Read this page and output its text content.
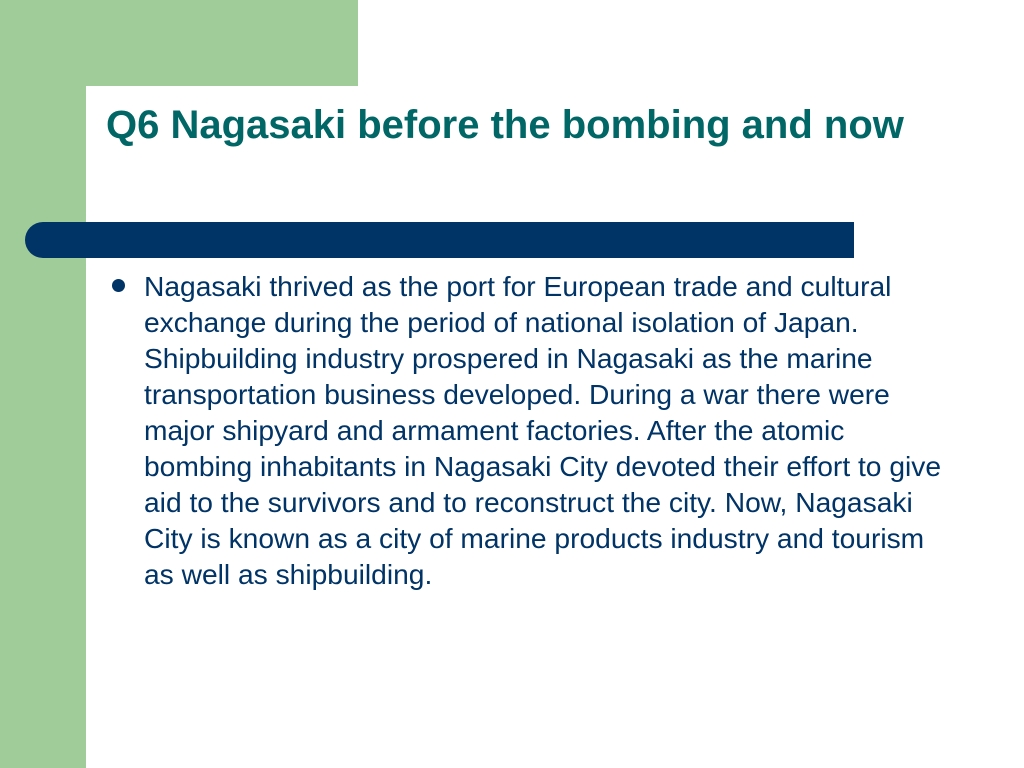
Q6 Nagasaki before the bombing and now
Nagasaki thrived as the port for European trade and cultural exchange during the period of national isolation of Japan. Shipbuilding industry prospered in Nagasaki as the marine transportation business developed. During a war there were major shipyard and armament factories. After the atomic bombing inhabitants in Nagasaki City devoted their effort to give aid to the survivors and to reconstruct the city. Now, Nagasaki City is known as a city of marine products industry and tourism as well as shipbuilding.
